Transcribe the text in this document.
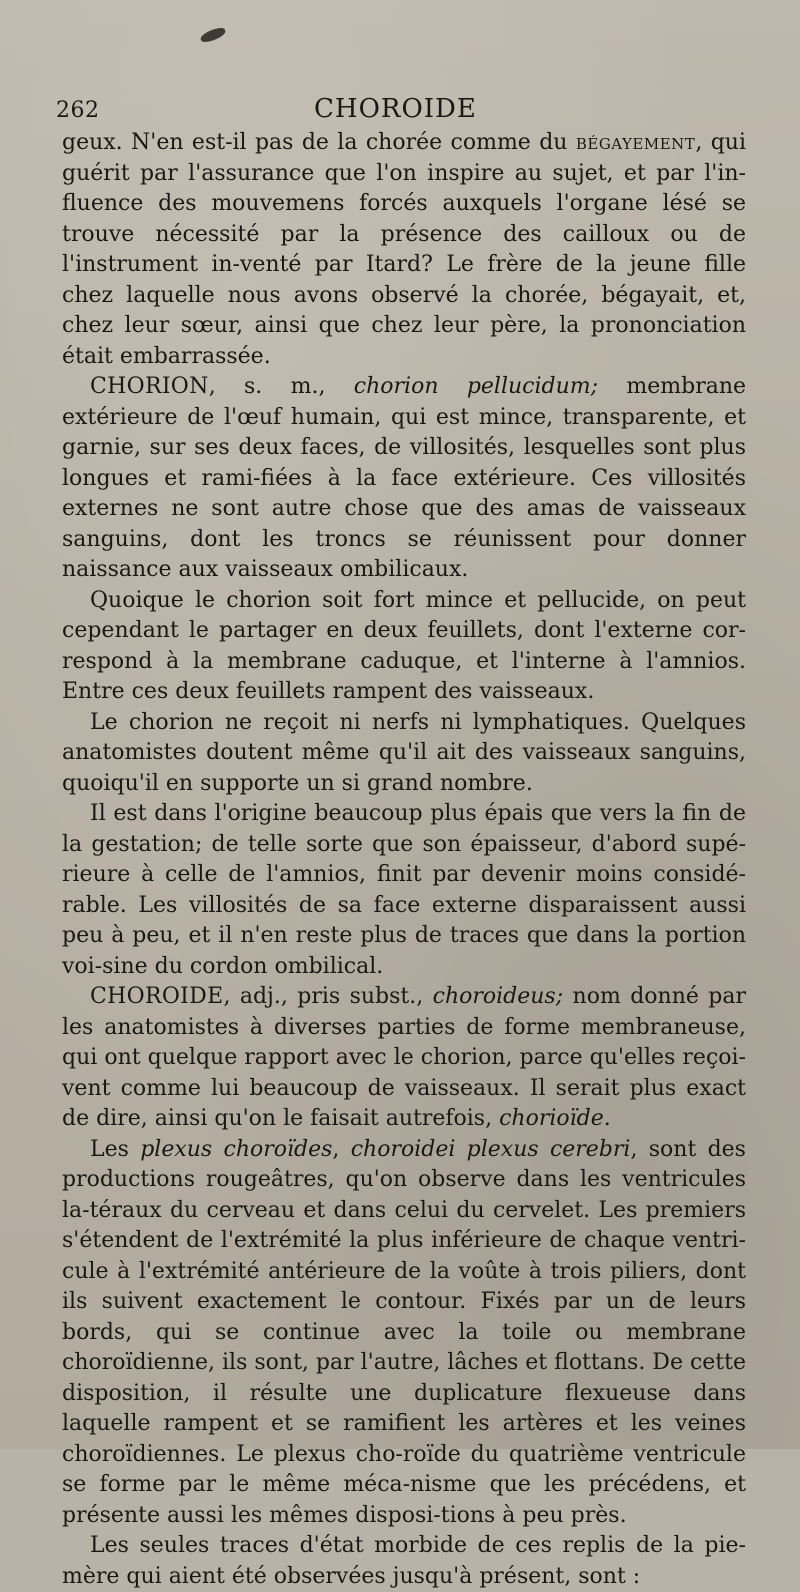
262	CHOROIDE

geux. N'en est-il pas de la chorée comme du bégayement, qui guérit par l'assurance que l'on inspire au sujet, et par l'in-fluence des mouvemens forcés auxquels l'organe lésé se trouve nécessité par la présence des cailloux ou de l'instrument in-venté par Itard? Le frère de la jeune fille chez laquelle nous avons observé la chorée, bégayait, et, chez leur sœur, ainsi que chez leur père, la prononciation était embarrassée.

CHORION, s. m., chorion pellucidum; membrane extérieure de l'œuf humain, qui est mince, transparente, et garnie, sur ses deux faces, de villosités, lesquelles sont plus longues et rami-fiées à la face extérieure. Ces villosités externes ne sont autre chose que des amas de vaisseaux sanguins, dont les troncs se réunissent pour donner naissance aux vaisseaux ombilicaux.

Quoique le chorion soit fort mince et pellucide, on peut cependant le partager en deux feuillets, dont l'externe cor-respond à la membrane caduque, et l'interne à l'amnios. Entre ces deux feuillets rampent des vaisseaux.

Le chorion ne reçoit ni nerfs ni lymphatiques. Quelques anatomistes doutent même qu'il ait des vaisseaux sanguins, quoiqu'il en supporte un si grand nombre.

Il est dans l'origine beaucoup plus épais que vers la fin de la gestation; de telle sorte que son épaisseur, d'abord supé-rieure à celle de l'amnios, finit par devenir moins considé-rable. Les villosités de sa face externe disparaissent aussi peu à peu, et il n'en reste plus de traces que dans la portion voi-sine du cordon ombilical.

CHOROIDE, adj., pris subst., choroideus; nom donné par les anatomistes à diverses parties de forme membraneuse, qui ont quelque rapport avec le chorion, parce qu'elles reçoi-vent comme lui beaucoup de vaisseaux. Il serait plus exact de dire, ainsi qu'on le faisait autrefois, chorioïde.

Les plexus choroïdes, choroidei plexus cerebri, sont des productions rougeâtres, qu'on observe dans les ventricules la-téraux du cerveau et dans celui du cervelet. Les premiers s'étendent de l'extrémité la plus inférieure de chaque ventri-cule à l'extrémité antérieure de la voûte à trois piliers, dont ils suivent exactement le contour. Fixés par un de leurs bords, qui se continue avec la toile ou membrane choroïdienne, ils sont, par l'autre, lâches et flottans. De cette disposition, il résulte une duplicature flexueuse dans laquelle rampent et se ramifient les artères et les veines choroïdiennes. Le plexus cho-roïde du quatrième ventricule se forme par le même méca-nisme que les précédens, et présente aussi les mêmes disposi-tions à peu près.

Les seules traces d'état morbide de ces replis de la pie-mère qui aient été observées jusqu'à présent, sont :
